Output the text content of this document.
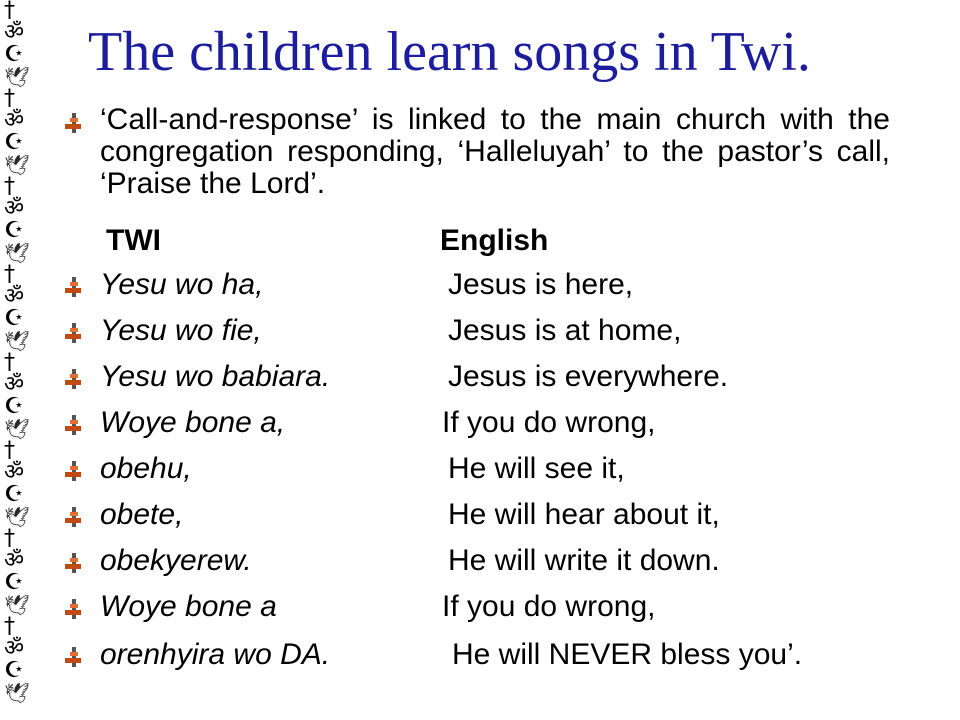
†
ॐ
☪
🕊
†
ॐ
☪
🕊
†
ॐ
☪
🕊
†
ॐ
☪
🕊
†
ॐ
☪
🕊
†
ॐ
☪
🕊
†
ॐ
☪
🕊
†
ॐ
☪
🕊
The children learn songs in Twi.

‘Call-and-response’ is linked to the main church with the congregation responding, ‘Halleluyah’ to the pastor’s call, ‘Praise the Lord’.

TWI	English
Yesu wo ha,	Jesus is here,
Yesu wo fie,	Jesus is at home,
Yesu wo babiara.	Jesus is everywhere.
Woye bone a,	If you do wrong,
obehu,	He will see it,
obete,	He will hear about it,
obekyerew.	He will write it down.
Woye bone a	If you do wrong,
orenhyira wo DA.	He will NEVER bless you’.
